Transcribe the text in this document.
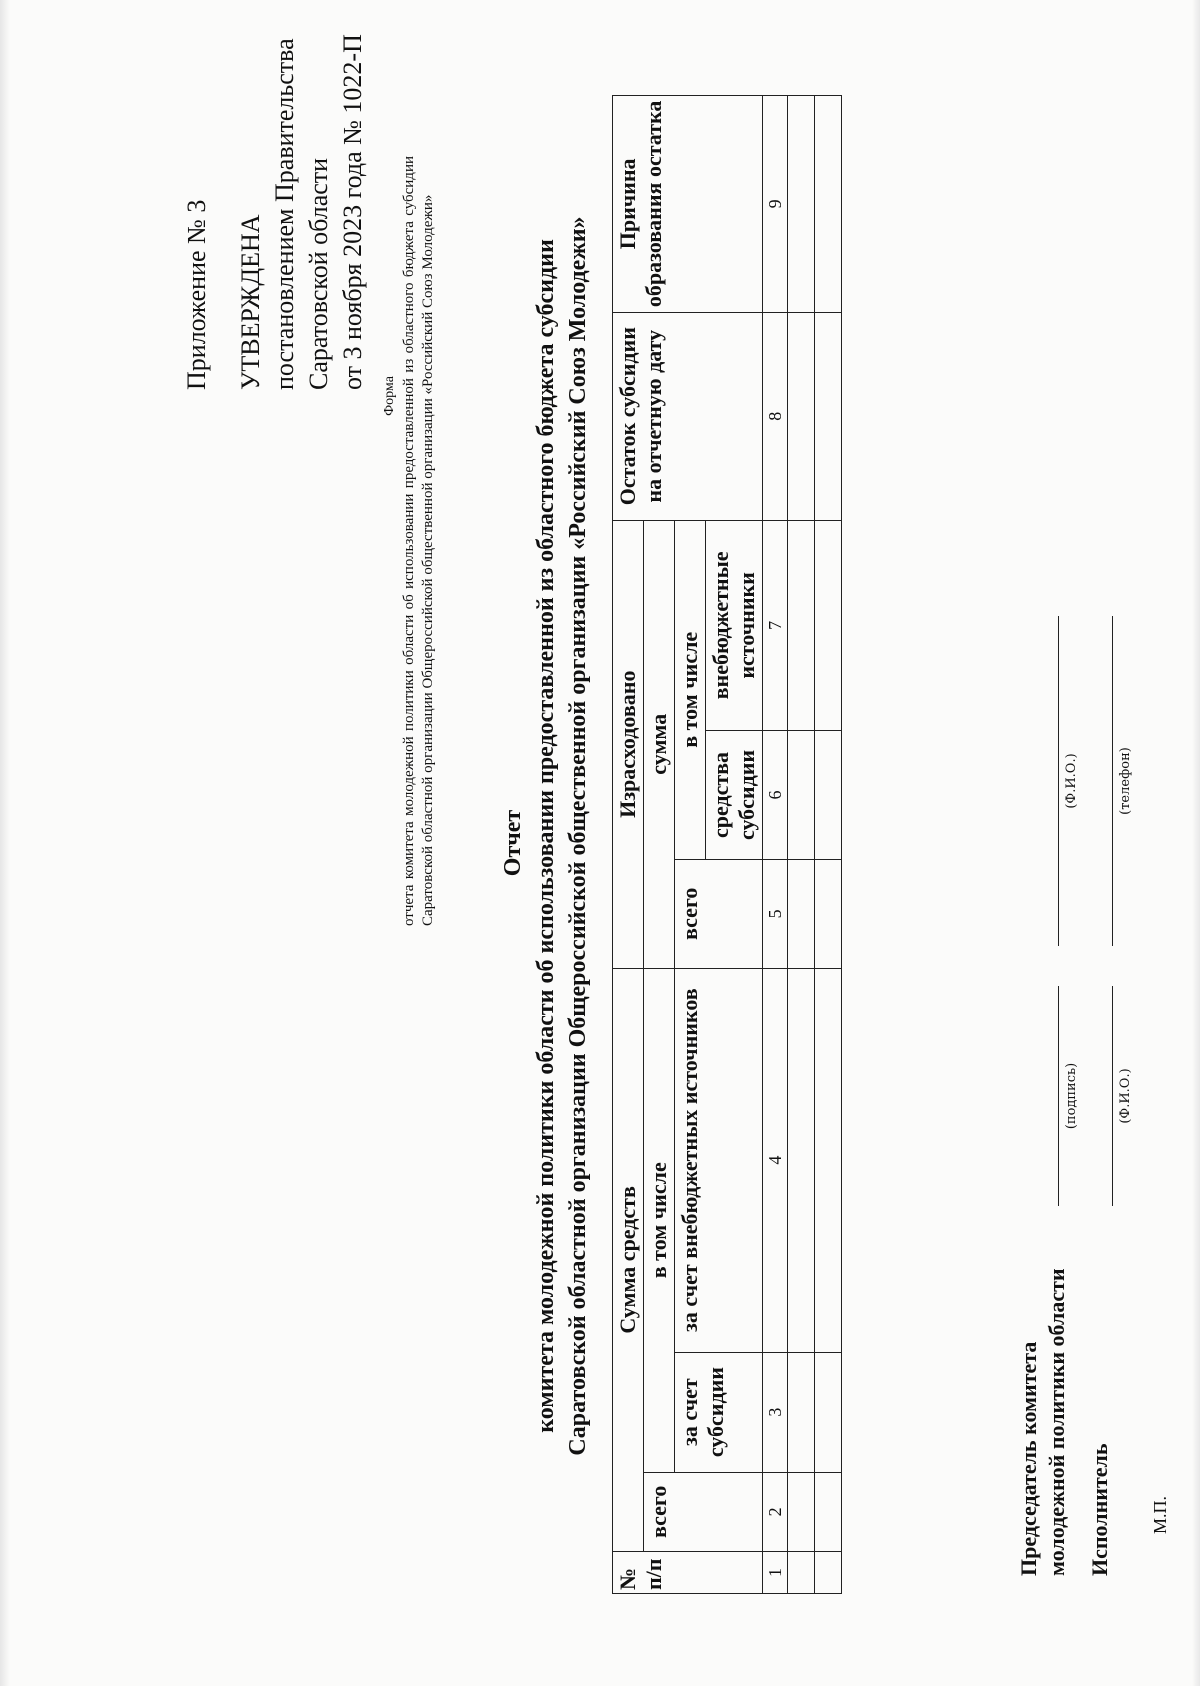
Приложение № 3 УТВЕРЖДЕНА постановлением Правительства Саратовской области от 3 ноября 2023 года № 1022-П
Форма отчета комитета молодежной политики области об использовании предоставленной из областного бюджета субсидии Саратовской областной организации Общероссийской общественной организации «Российский Союз Молодежи»	Отчет комитета молодежной политики области об использовании предоставленной из областного бюджета субсидии Саратовской областной организации Общероссийской общественной организации «Российский Союз Молодежи»
№ п/п	Сумма средств			Израсходовано			Остаток субсидии на отчетную дату	Причина образования остатка
	всего	в том числе		сумма				
		за счет субсидии	за счет внебюджетных источников	всего	в том числе			
					средства субсидии	внебюджетные источники		
1	2	3	4	5	6	7	8	9

Председатель комитета молодежной политики области
(подпись)
(Ф.И.О.)
Исполнитель
(Ф.И.О.)
(телефон)
М.П.
